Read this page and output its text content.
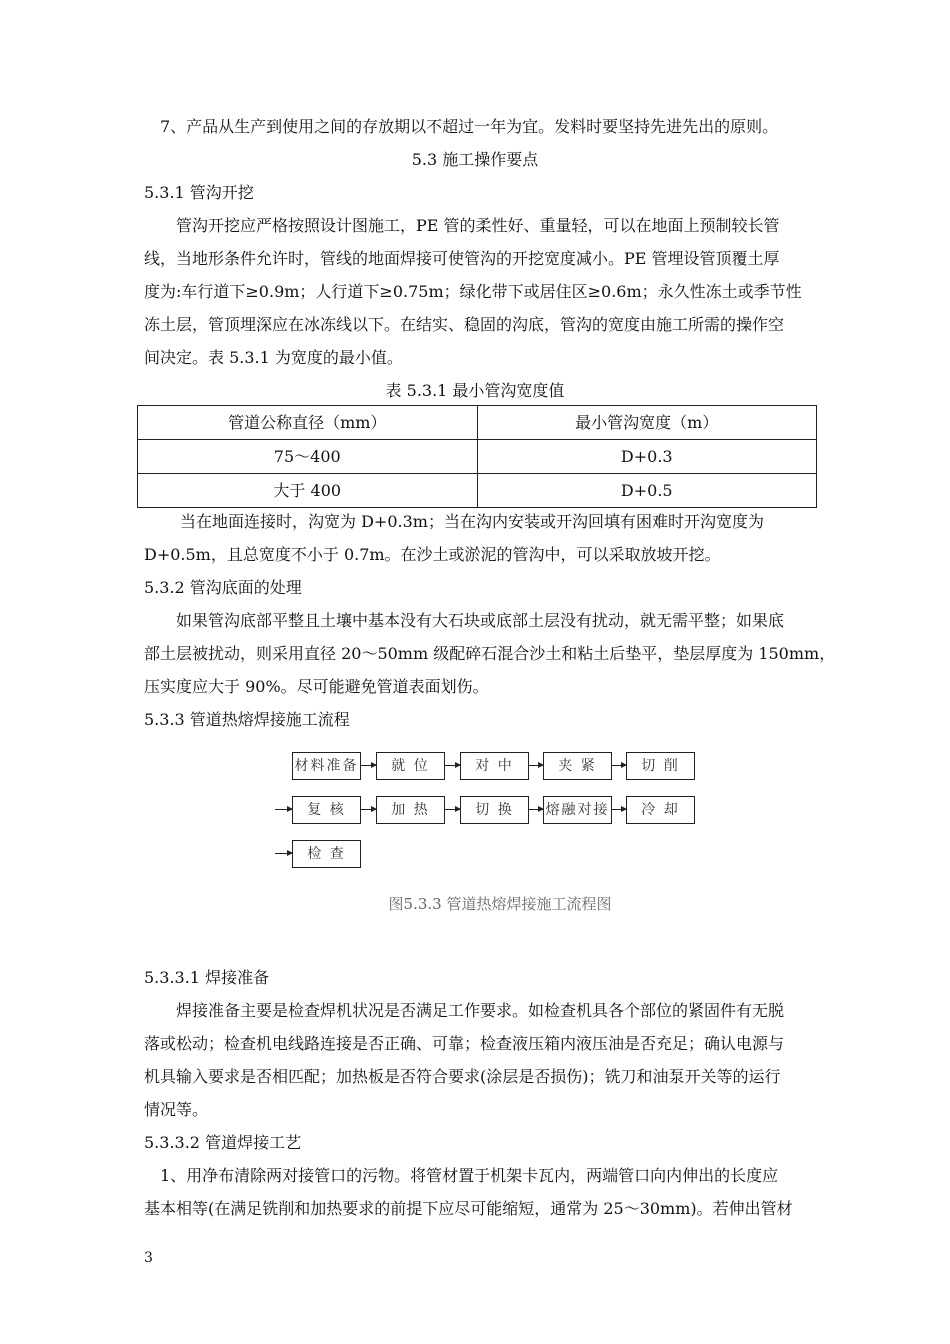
7、产品从生产到使用之间的存放期以不超过一年为宜。发料时要坚持先进先出的原则。
5.3 施工操作要点
5.3.1 管沟开挖
管沟开挖应严格按照设计图施工，PE 管的柔性好、重量轻，可以在地面上预制较长管
线，当地形条件允许时，管线的地面焊接可使管沟的开挖宽度减小。PE 管埋设管顶覆土厚
度为:车行道下≥0.9m；人行道下≥0.75m；绿化带下或居住区≥0.6m；永久性冻土或季节性
冻土层，管顶埋深应在冰冻线以下。在结实、稳固的沟底，管沟的宽度由施工所需的操作空
间决定。表 5.3.1 为宽度的最小值。
表 5.3.1 最小管沟宽度值
管道公称直径（mm）	最小管沟宽度（m）
75～400	D+0.3
大于 400	D+0.5
当在地面连接时，沟宽为 D+0.3m；当在沟内安装或开沟回填有困难时开沟宽度为
D+0.5m，且总宽度不小于 0.7m。在沙土或淤泥的管沟中，可以采取放坡开挖。
5.3.2 管沟底面的处理
如果管沟底部平整且土壤中基本没有大石块或底部土层没有扰动，就无需平整；如果底
部土层被扰动，则采用直径 20～50mm 级配碎石混合沙土和粘土后垫平，垫层厚度为 150mm，
压实度应大于 90%。尽可能避免管道表面划伤。
5.3.3 管道热熔焊接施工流程
材料准备	就 位	对 中	夹 紧	切 削
复 核	加 热	切 换	熔融对接	冷 却
检 查
图5.3.3 管道热熔焊接施工流程图
5.3.3.1 焊接准备
焊接准备主要是检查焊机状况是否满足工作要求。如检查机具各个部位的紧固件有无脱
落或松动；检查机电线路连接是否正确、可靠；检查液压箱内液压油是否充足；确认电源与
机具输入要求是否相匹配；加热板是否符合要求(涂层是否损伤)；铣刀和油泵开关等的运行
情况等。
5.3.3.2 管道焊接工艺
1、用净布清除两对接管口的污物。将管材置于机架卡瓦内，两端管口向内伸出的长度应
基本相等(在满足铣削和加热要求的前提下应尽可能缩短，通常为 25～30mm)。若伸出管材
3
